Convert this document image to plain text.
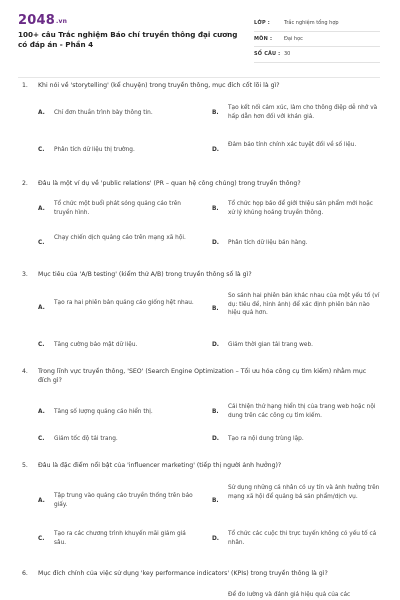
2048.vn
100+ câu Trắc nghiệm Báo chí truyền thông đại cương có đáp án - Phần 4
LỚP :	Trắc nghiệm tổng hợp
MÔN :	Đại học
SỐ CÂU : 30
1. Khi nói về 'storytelling' (kể chuyện) trong truyền thông, mục đích cốt lõi là gì?
A. Chỉ đơn thuần trình bày thông tin.	B.
Tạo kết nối cảm xúc, làm cho thông điệp dễ nhớ và hấp dẫn hơn đối với khán giả.
C. Phân tích dữ liệu thị trường.	D.
Đảm bảo tính chính xác tuyệt đối về số liệu.
2. Đâu là một ví dụ về 'public relations' (PR – quan hệ công chúng) trong truyền thông?
A.
Tổ chức một buổi phát sóng quảng cáo trên truyền hình.
B.
Tổ chức họp báo để giới thiệu sản phẩm mới hoặc xử lý khủng hoảng truyền thông.
C.
Chạy chiến dịch quảng cáo trên mạng xã hội.
D. Phân tích dữ liệu bán hàng.
3. Mục tiêu của 'A/B testing' (kiểm thử A/B) trong truyền thông số là gì?
A.
Tạo ra hai phiên bản quảng cáo giống hệt nhau.
B.
So sánh hai phiên bản khác nhau của một yếu tố (ví dụ: tiêu đề, hình ảnh) để xác định phiên bản nào hiệu quả hơn.
C. Tăng cường bảo mật dữ liệu.	D. Giảm thời gian tải trang web.
4. Trong lĩnh vực truyền thông, 'SEO' (Search Engine Optimization – Tối ưu hóa công cụ tìm kiếm) nhằm mục đích gì?
A. Tăng số lượng quảng cáo hiển thị.	B.
Cải thiện thứ hạng hiển thị của trang web hoặc nội dung trên các công cụ tìm kiếm.
C. Giảm tốc độ tải trang.	D. Tạo ra nội dung trùng lặp.
5. Đâu là đặc điểm nổi bật của 'influencer marketing' (tiếp thị người ảnh hưởng)?
A.
Tập trung vào quảng cáo truyền thống trên báo giấy.
B.
Sử dụng những cá nhân có uy tín và ảnh hưởng trên mạng xã hội để quảng bá sản phẩm/dịch vụ.
C.
Tạo ra các chương trình khuyến mãi giảm giá sâu.
D.
Tổ chức các cuộc thi trực tuyến không có yếu tố cá nhân.
6. Mục đích chính của việc sử dụng 'key performance indicators' (KPIs) trong truyền thông là gì?
Để đo lường và đánh giá hiệu quả của các
